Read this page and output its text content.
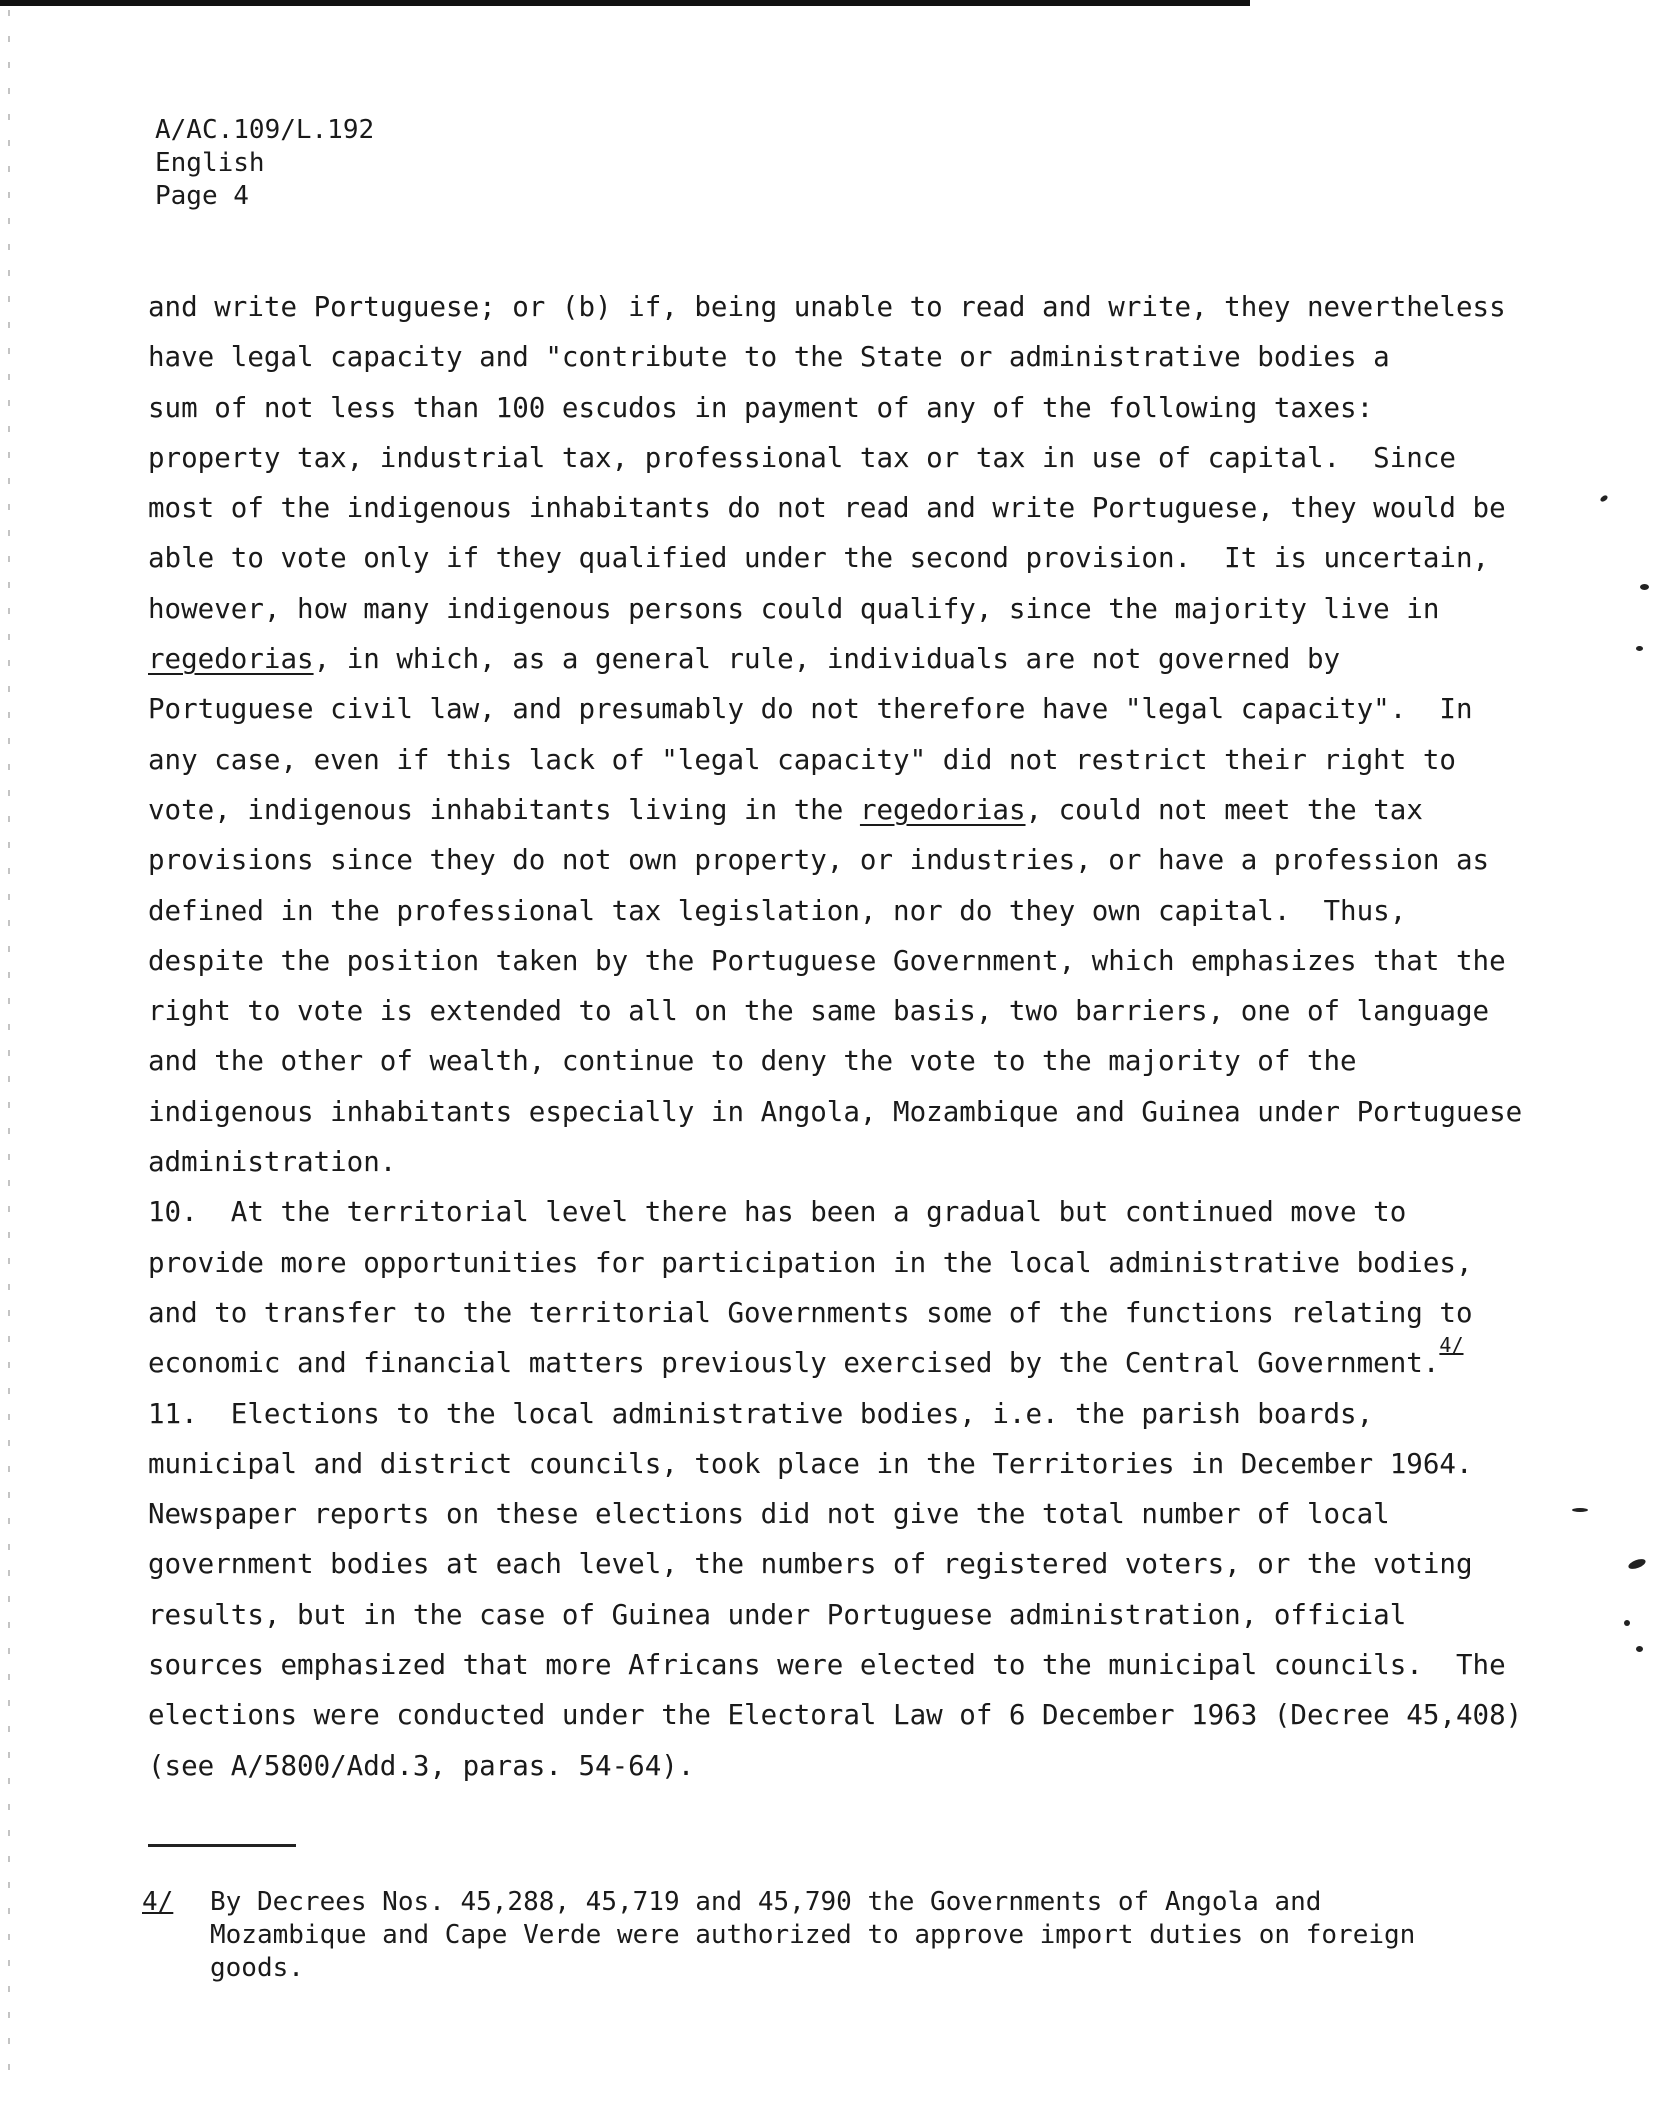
A/AC.109/L.192
English
Page 4
and write Portuguese; or (b) if, being unable to read and write, they nevertheless
have legal capacity and "contribute to the State or administrative bodies a
sum of not less than 100 escudos in payment of any of the following taxes:
property tax, industrial tax, professional tax or tax in use of capital.  Since
most of the indigenous inhabitants do not read and write Portuguese, they would be
able to vote only if they qualified under the second provision.  It is uncertain,
however, how many indigenous persons could qualify, since the majority live in
regedorias, in which, as a general rule, individuals are not governed by
Portuguese civil law, and presumably do not therefore have "legal capacity".  In
any case, even if this lack of "legal capacity" did not restrict their right to
vote, indigenous inhabitants living in the regedorias, could not meet the tax
provisions since they do not own property, or industries, or have a profession as
defined in the professional tax legislation, nor do they own capital.  Thus,
despite the position taken by the Portuguese Government, which emphasizes that the
right to vote is extended to all on the same basis, two barriers, one of language
and the other of wealth, continue to deny the vote to the majority of the
indigenous inhabitants especially in Angola, Mozambique and Guinea under Portuguese
administration.
10.  At the territorial level there has been a gradual but continued move to
provide more opportunities for participation in the local administrative bodies,
and to transfer to the territorial Governments some of the functions relating to
economic and financial matters previously exercised by the Central Government.$^{4/}$
11.  Elections to the local administrative bodies, i.e. the parish boards,
municipal and district councils, took place in the Territories in December 1964.
Newspaper reports on these elections did not give the total number of local
government bodies at each level, the numbers of registered voters, or the voting
results, but in the case of Guinea under Portuguese administration, official
sources emphasized that more Africans were elected to the municipal councils.  The
elections were conducted under the Electoral Law of 6 December 1963 (Decree 45,408)
(see A/5800/Add.3, paras. 54-64).
4/ By Decrees Nos. 45,288, 45,719 and 45,790 the Governments of Angola and
Mozambique and Cape Verde were authorized to approve import duties on foreign
goods.
